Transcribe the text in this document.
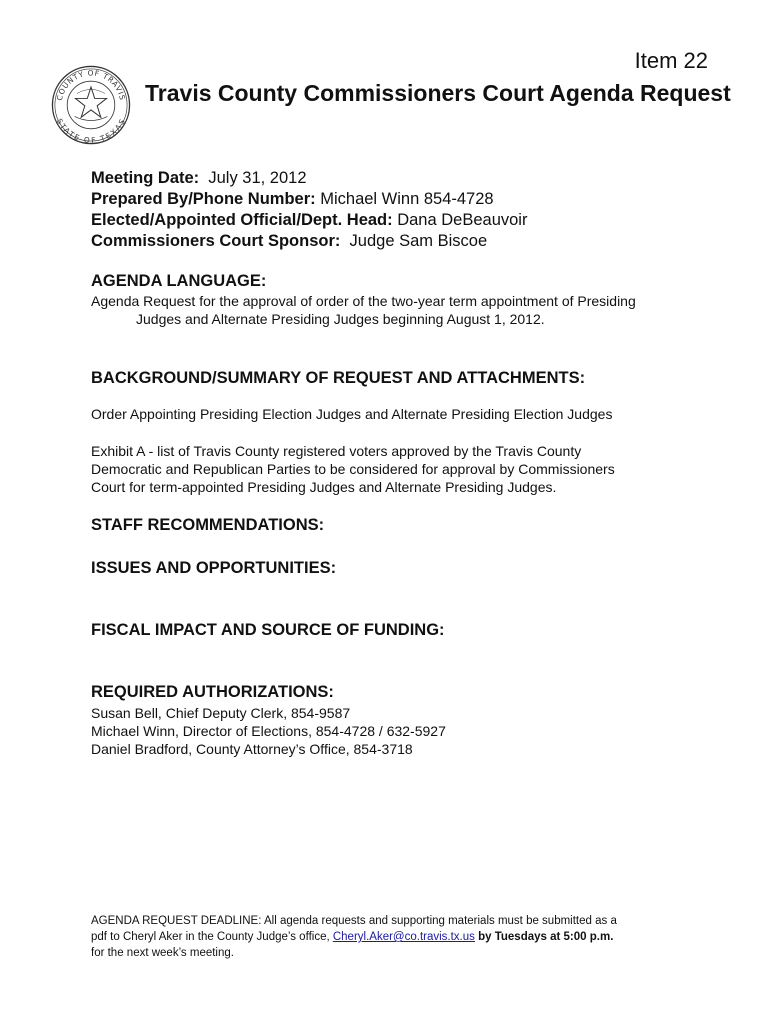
COUNTY OF TRAVIS
STATE OF TEXAS
Item 22
Travis County Commissioners Court Agenda Request
Meeting Date: July 31, 2012
Prepared By/Phone Number: Michael Winn 854-4728
Elected/Appointed Official/Dept. Head: Dana DeBeauvoir
Commissioners Court Sponsor: Judge Sam Biscoe
AGENDA LANGUAGE:
Agenda Request for the approval of order of the two-year term appointment of Presiding
Judges and Alternate Presiding Judges beginning August 1, 2012.
BACKGROUND/SUMMARY OF REQUEST AND ATTACHMENTS:
Order Appointing Presiding Election Judges and Alternate Presiding Election Judges
Exhibit A - list of Travis County registered voters approved by the Travis County
Democratic and Republican Parties to be considered for approval by Commissioners
Court for term-appointed Presiding Judges and Alternate Presiding Judges.
STAFF RECOMMENDATIONS:
ISSUES AND OPPORTUNITIES:
FISCAL IMPACT AND SOURCE OF FUNDING:
REQUIRED AUTHORIZATIONS:
Susan Bell, Chief Deputy Clerk, 854-9587
Michael Winn, Director of Elections, 854-4728 / 632-5927
Daniel Bradford, County Attorney’s Office, 854-3718
AGENDA REQUEST DEADLINE: All agenda requests and supporting materials must be submitted as a
pdf to Cheryl Aker in the County Judge’s office, Cheryl.Aker@co.travis.tx.us by Tuesdays at 5:00 p.m.
for the next week’s meeting.
